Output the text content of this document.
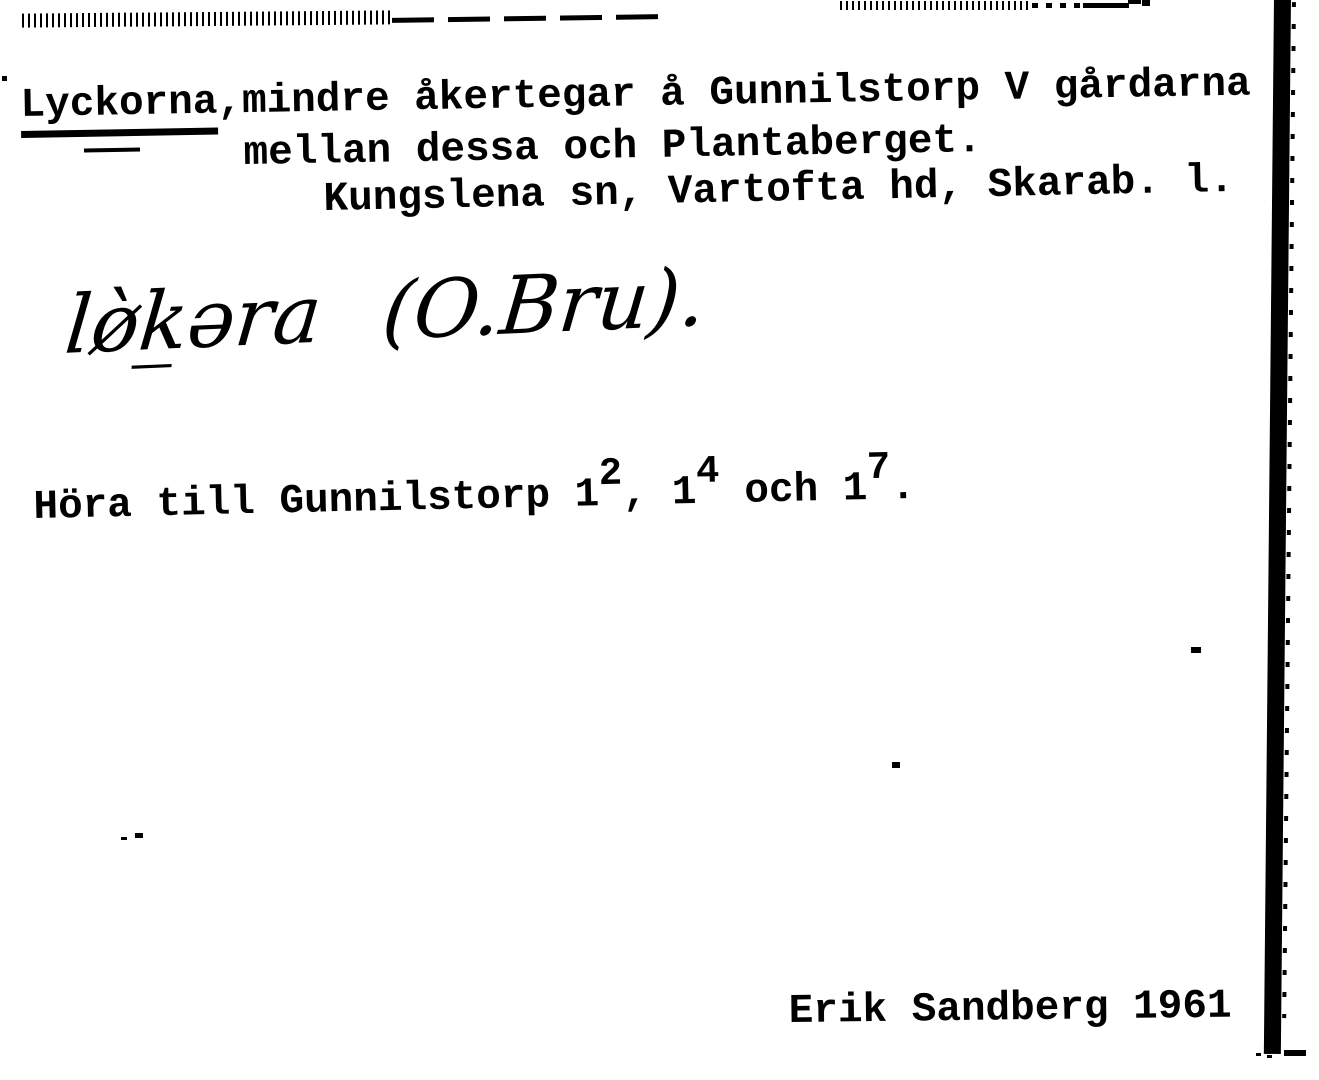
Lyckorna,mindre åkertegar å Gunnilstorp V gårdarna
mellan dessa och Plantaberget.
Kungslena sn, Vartofta hd, Skarab. l.
lø̀k̲əra (O.Bru).
Höra till Gunnilstorp 12, 14 och 17.
Erik Sandberg 1961
